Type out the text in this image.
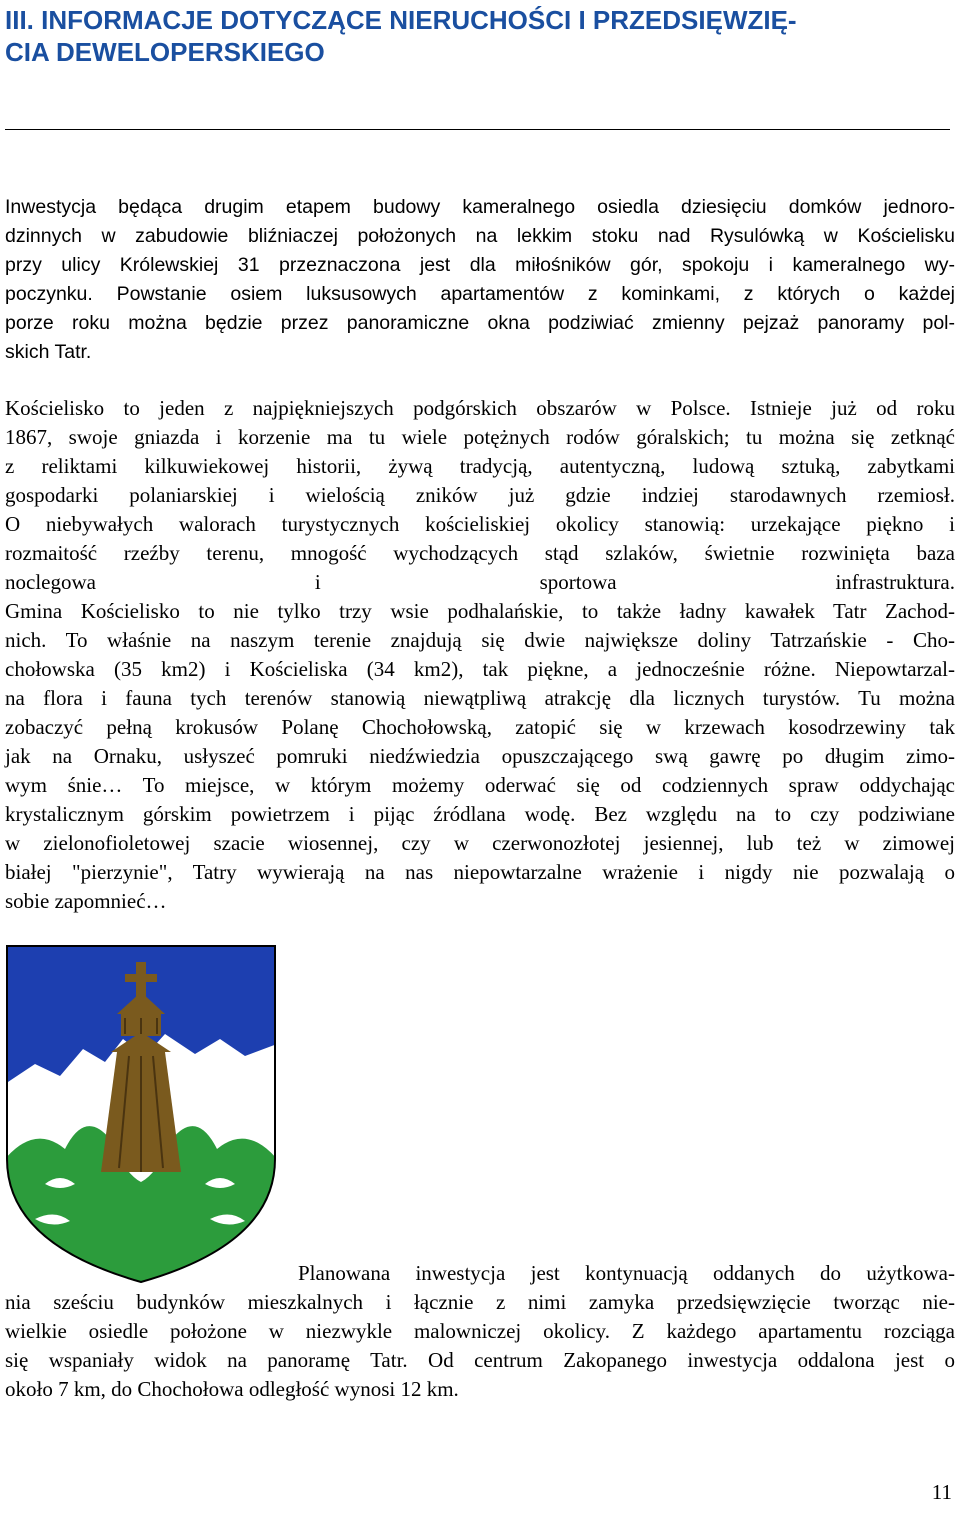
III. INFORMACJE DOTYCZĄCE NIERUCHOŚCI I PRZEDSIĘWZIĘ-
CIA DEWELOPERSKIEGO
Inwestycja będąca drugim etapem budowy kameralnego osiedla dziesięciu domków jednoro-
dzinnych w zabudowie bliźniaczej położonych na lekkim stoku nad Rysulówką w Kościelisku
przy ulicy Królewskiej 31 przeznaczona jest dla miłośników gór, spokoju i kameralnego wy-
poczynku. Powstanie osiem luksusowych apartamentów z kominkami, z których o każdej
porze roku można będzie przez panoramiczne okna podziwiać zmienny pejzaż panoramy pol-
skich Tatr.
Kościelisko to jeden z najpiękniejszych podgórskich obszarów w Polsce. Istnieje już od roku
1867, swoje gniazda i korzenie ma tu wiele potężnych rodów góralskich; tu można się zetknąć
z reliktami kilkuwiekowej historii, żywą tradycją, autentyczną, ludową sztuką, zabytkami
gospodarki polaniarskiej i wielością zników już gdzie indziej starodawnych rzemiosł.
O niebywałych walorach turystycznych kościeliskiej okolicy stanowią: urzekające piękno i
rozmaitość rzeźby terenu, mnogość wychodzących stąd szlaków, świetnie rozwinięta baza
noclegowa i sportowa infrastruktura.
Gmina Kościelisko to nie tylko trzy wsie podhalańskie, to także ładny kawałek Tatr Zachod-
nich. To właśnie na naszym terenie znajdują się dwie największe doliny Tatrzańskie - Cho-
chołowska (35 km2) i Kościeliska (34 km2), tak piękne, a jednocześnie różne. Niepowtarzal-
na flora i fauna tych terenów stanowią niewątpliwą atrakcję dla licznych turystów. Tu można
zobaczyć pełną krokusów Polanę Chochołowską, zatopić się w krzewach kosodrzewiny tak
jak na Ornaku, usłyszeć pomruki niedźwiedzia opuszczającego swą gawrę po długim zimo-
wym śnie… To miejsce, w którym możemy oderwać się od codziennych spraw oddychając
krystalicznym górskim powietrzem i pijąc źródlana wodę. Bez względu na to czy podziwiane
w zielonofioletowej szacie wiosennej, czy w czerwonozłotej jesiennej, lub też w zimowej
białej "pierzynie", Tatry wywierają na nas niepowtarzalne wrażenie i nigdy nie pozwalają o
sobie zapomnieć…
Planowana inwestycja jest kontynuacją oddanych do użytkowa-
nia sześciu budynków mieszkalnych i łącznie z nimi zamyka przedsięwzięcie tworząc nie-
wielkie osiedle położone w niezwykle malowniczej okolicy. Z każdego apartamentu rozciąga
się wspaniały widok na panoramę Tatr. Od centrum Zakopanego inwestycja oddalona jest o
około 7 km, do Chochołowa odległość wynosi 12 km.
11
